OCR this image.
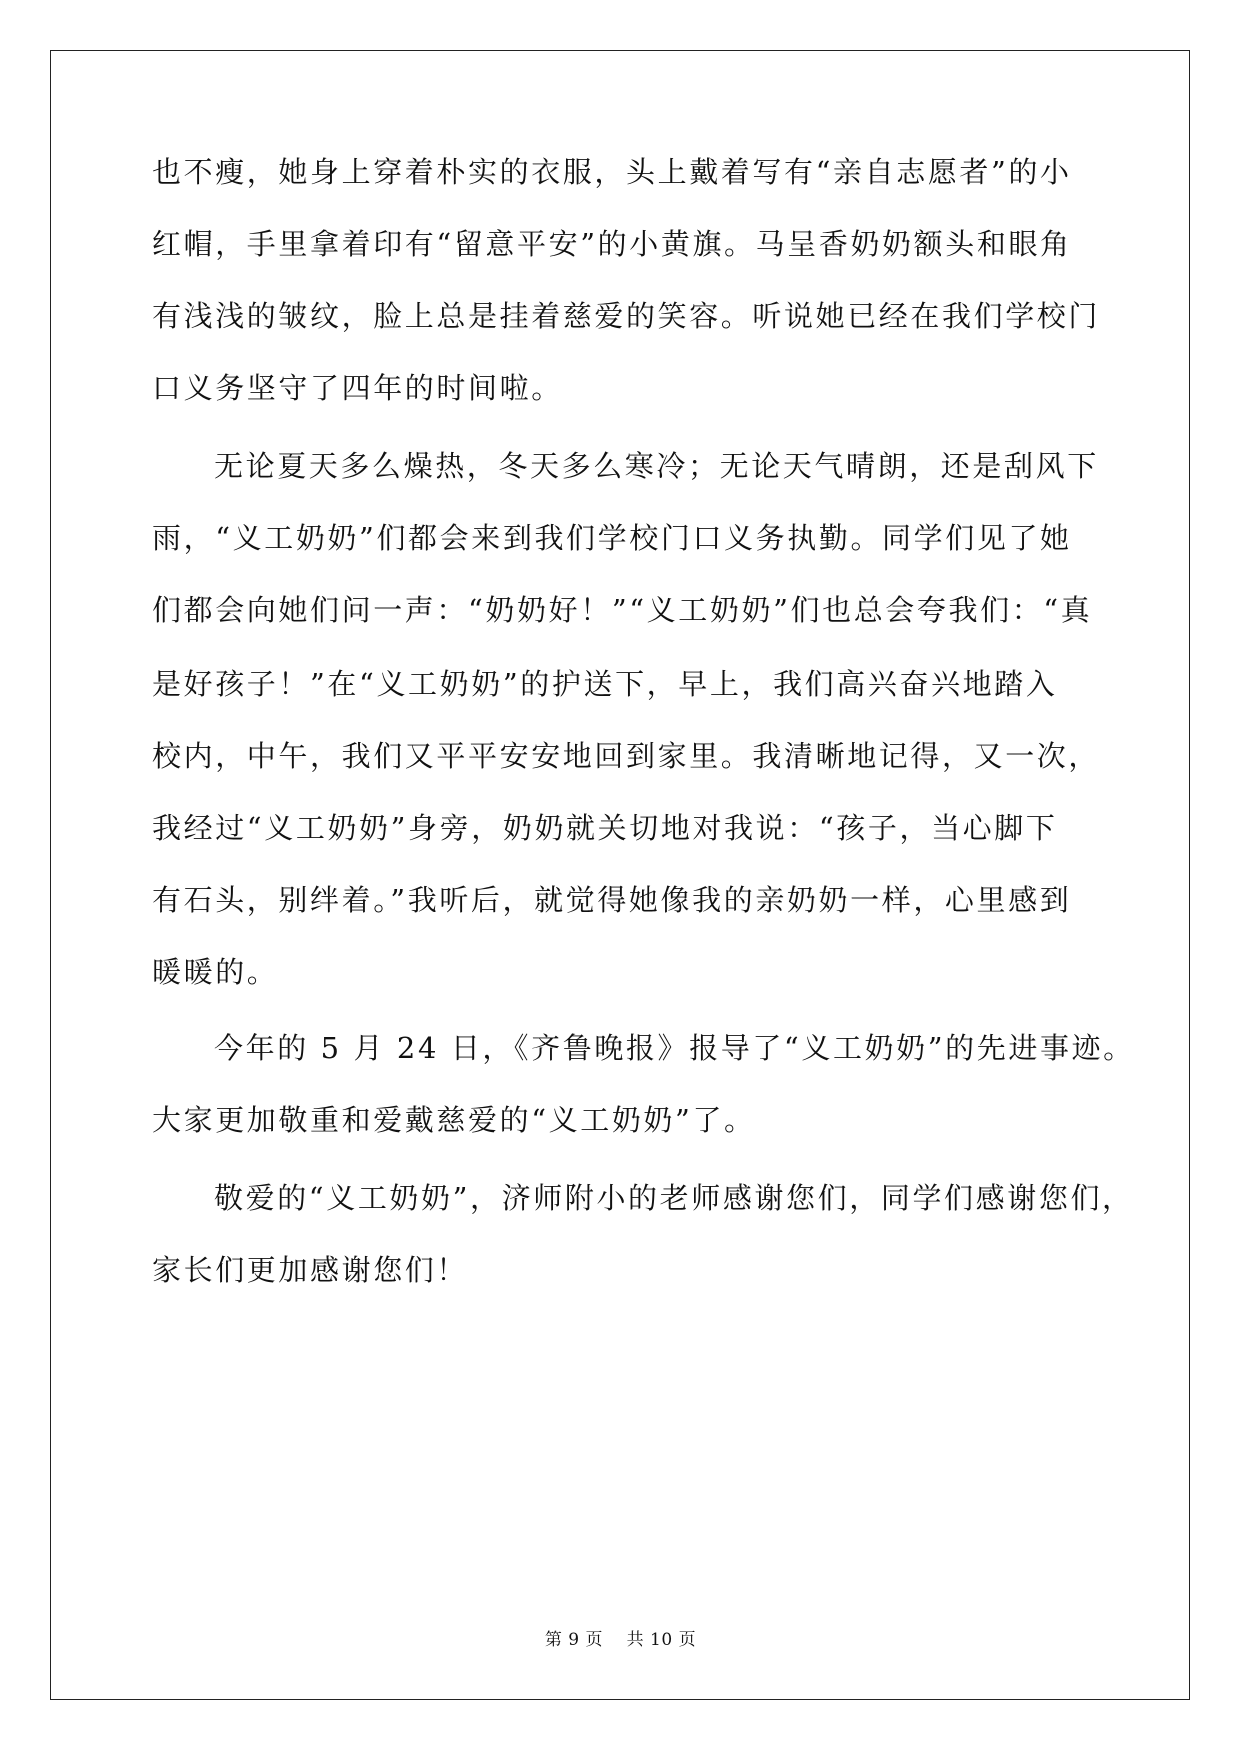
也不瘦，她身上穿着朴实的衣服，头上戴着写有“亲自志愿者”的小
红帽，手里拿着印有“留意平安”的小黄旗。马呈香奶奶额头和眼角
有浅浅的皱纹，脸上总是挂着慈爱的笑容。听说她已经在我们学校门
口义务坚守了四年的时间啦。
无论夏天多么燥热，冬天多么寒冷；无论天气晴朗，还是刮风下
雨，“义工奶奶”们都会来到我们学校门口义务执勤。同学们见了她
们都会向她们问一声：“奶奶好！”“义工奶奶”们也总会夸我们：“真
是好孩子！”在“义工奶奶”的护送下，早上，我们高兴奋兴地踏入
校内，中午，我们又平平安安地回到家里。我清晰地记得，又一次，
我经过“义工奶奶”身旁，奶奶就关切地对我说：“孩子，当心脚下
有石头，别绊着。”我听后，就觉得她像我的亲奶奶一样，心里感到
暖暖的。
今年的 5 月 24 日，《齐鲁晚报》报导了“义工奶奶”的先进事迹。
大家更加敬重和爱戴慈爱的“义工奶奶”了。
敬爱的“义工奶奶”，济师附小的老师感谢您们，同学们感谢您们，
家长们更加感谢您们！
第 9 页    共 10 页
